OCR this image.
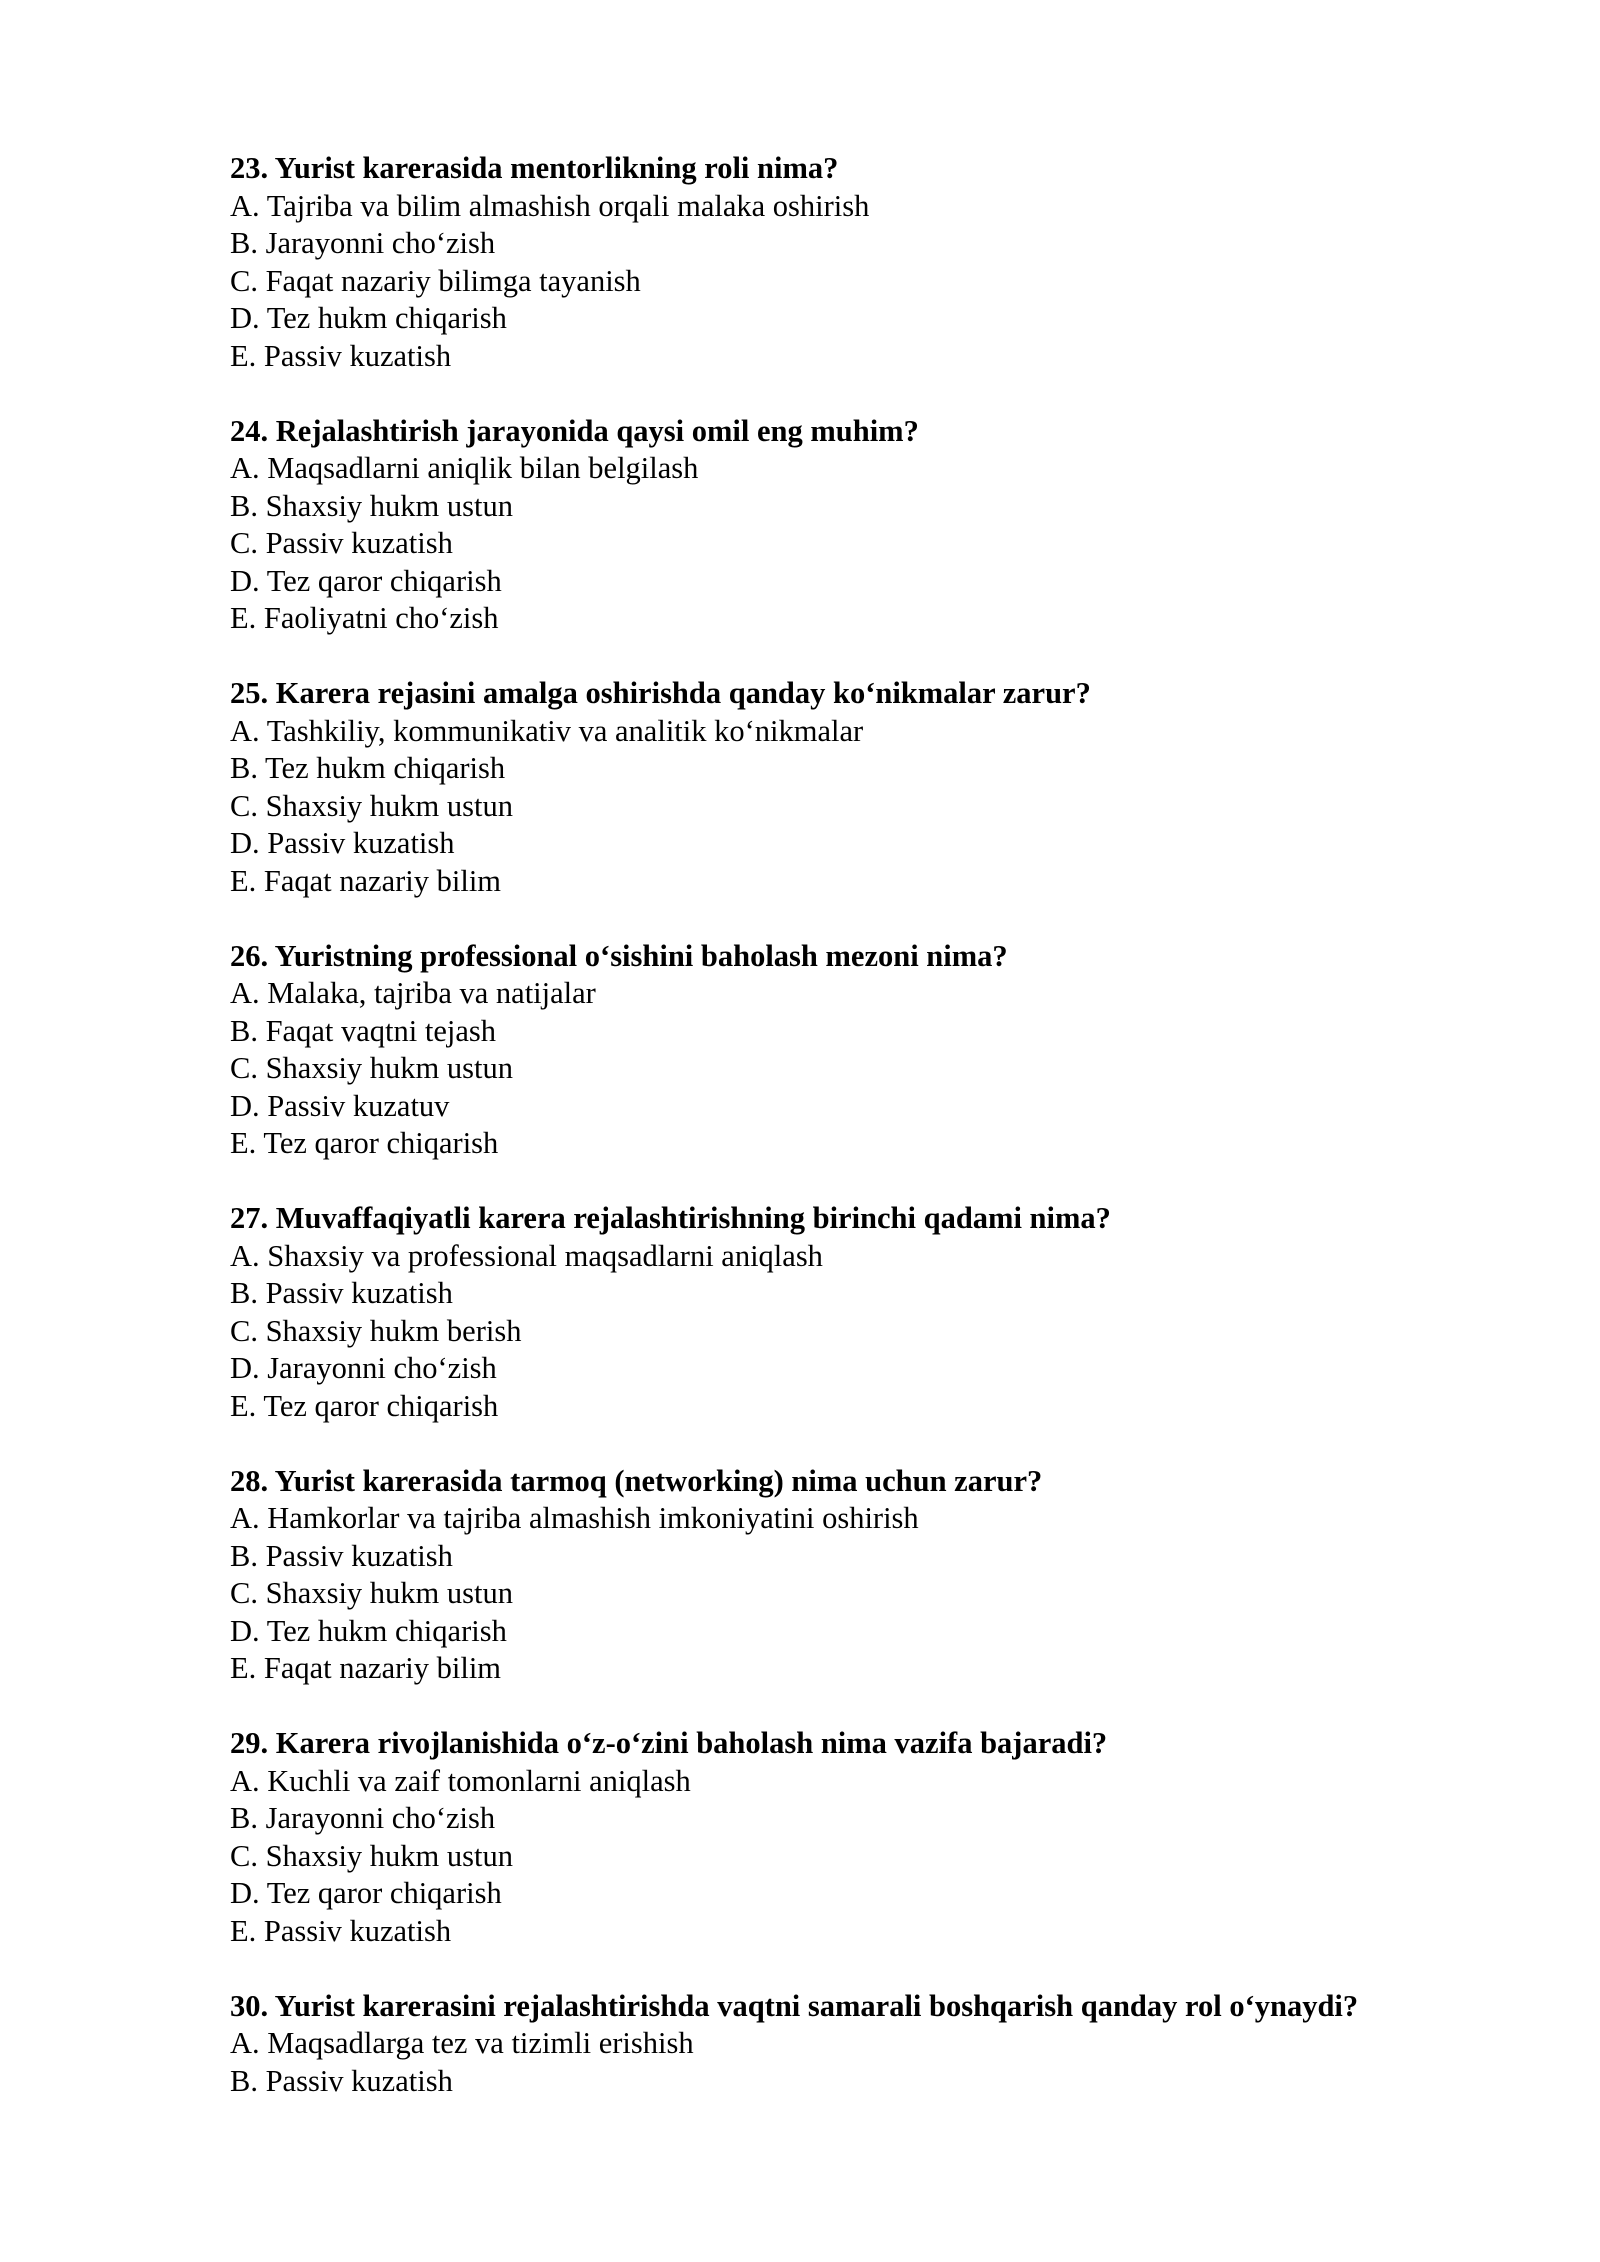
23. Yurist karerasida mentorlikning roli nima?
A. Tajriba va bilim almashish orqali malaka oshirish
B. Jarayonni cho‘zish
C. Faqat nazariy bilimga tayanish
D. Tez hukm chiqarish
E. Passiv kuzatish
24. Rejalashtirish jarayonida qaysi omil eng muhim?
A. Maqsadlarni aniqlik bilan belgilash
B. Shaxsiy hukm ustun
C. Passiv kuzatish
D. Tez qaror chiqarish
E. Faoliyatni cho‘zish
25. Karera rejasini amalga oshirishda qanday ko‘nikmalar zarur?
A. Tashkiliy, kommunikativ va analitik ko‘nikmalar
B. Tez hukm chiqarish
C. Shaxsiy hukm ustun
D. Passiv kuzatish
E. Faqat nazariy bilim
26. Yuristning professional o‘sishini baholash mezoni nima?
A. Malaka, tajriba va natijalar
B. Faqat vaqtni tejash
C. Shaxsiy hukm ustun
D. Passiv kuzatuv
E. Tez qaror chiqarish
27. Muvaffaqiyatli karera rejalashtirishning birinchi qadami nima?
A. Shaxsiy va professional maqsadlarni aniqlash
B. Passiv kuzatish
C. Shaxsiy hukm berish
D. Jarayonni cho‘zish
E. Tez qaror chiqarish
28. Yurist karerasida tarmoq (networking) nima uchun zarur?
A. Hamkorlar va tajriba almashish imkoniyatini oshirish
B. Passiv kuzatish
C. Shaxsiy hukm ustun
D. Tez hukm chiqarish
E. Faqat nazariy bilim
29. Karera rivojlanishida o‘z-o‘zini baholash nima vazifa bajaradi?
A. Kuchli va zaif tomonlarni aniqlash
B. Jarayonni cho‘zish
C. Shaxsiy hukm ustun
D. Tez qaror chiqarish
E. Passiv kuzatish
30. Yurist karerasini rejalashtirishda vaqtni samarali boshqarish qanday rol o‘ynaydi?
A. Maqsadlarga tez va tizimli erishish
B. Passiv kuzatish
